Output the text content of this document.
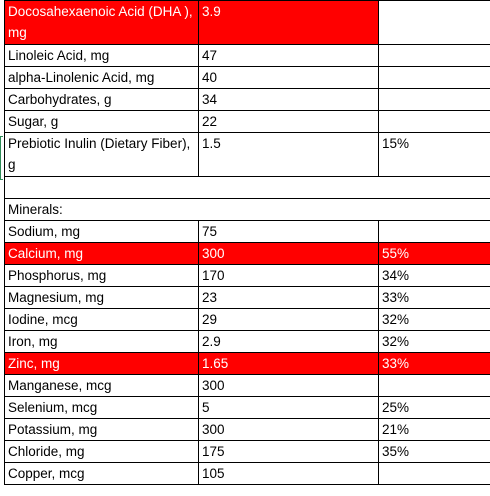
Docosahexaenoic Acid (DHA ), mg	3.9	
Linoleic Acid, mg	47	
alpha-Linolenic Acid, mg	40	
Carbohydrates, g	34	
Sugar, g	22	
Prebiotic Inulin (Dietary Fiber), g	1.5	15%

Minerals:		
Sodium, mg	75	
Calcium, mg	300	55%
Phosphorus, mg	170	34%
Magnesium, mg	23	33%
Iodine, mcg	29	32%
Iron, mg	2.9	32%
Zinc, mg	1.65	33%
Manganese, mcg	300	
Selenium, mcg	5	25%
Potassium, mg	300	21%
Chloride, mg	175	35%
Copper, mcg	105	
